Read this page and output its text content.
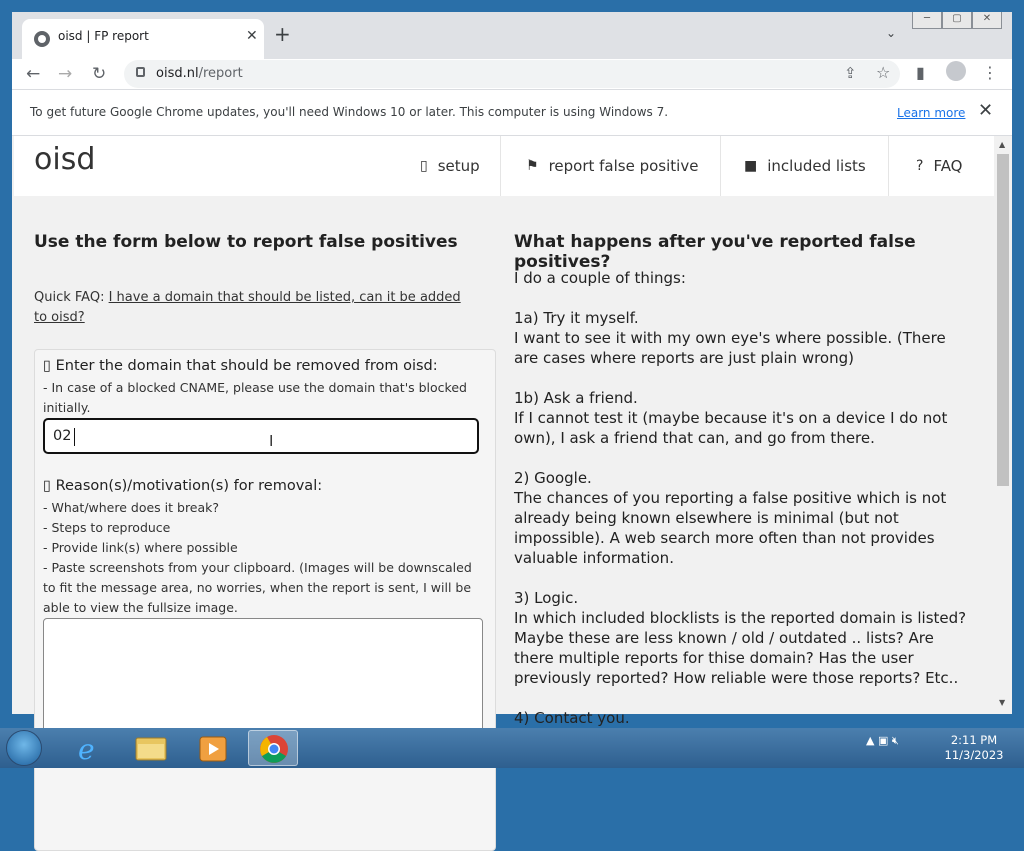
oisd | FP report	✕ +	⌄
─	▢	✕
← → ↻	oisd.nl/report	⇪ ☆ ▮	⋮
To get future Google Chrome updates, you'll need Windows 10 or later. This computer is using Windows 7.	Learn more ✕
oisd	▯ setup	⚑ report false positive	■ included lists	? FAQ
Use the form below to report false positives
Quick FAQ: I have a domain that should be listed, can it be added to oisd?
▯ Enter the domain that should be removed from oisd:
- In case of a blocked CNAME, please use the domain that's blocked initially.
02	I
▯ Reason(s)/motivation(s) for removal:
- What/where does it break?
- Steps to reproduce
- Provide link(s) where possible
- Paste screenshots from your clipboard. (Images will be downscaled to fit the message area, no worries, when the report is sent, I will be able to view the fullsize image.
What happens after you've reported false positives?
I do a couple of things:
1a) Try it myself.
I want to see it with my own eye's where possible. (There are cases where reports are just plain wrong)
1b) Ask a friend.
If I cannot test it (maybe because it's on a device I do not own), I ask a friend that can, and go from there.
2) Google.
The chances of you reporting a false positive which is not already being known elsewhere is minimal (but not impossible). A web search more often than not provides valuable information.
3) Logic.
In which included blocklists is the reported domain is listed? Maybe these are less known / old / outdated .. lists? Are there multiple reports for thise domain? Has the user previously reported? How reliable were those reports? Etc..
4) Contact you.
▲
▼
e	▲ ▣ 🔇︎	2:11 PM
11/3/2023
